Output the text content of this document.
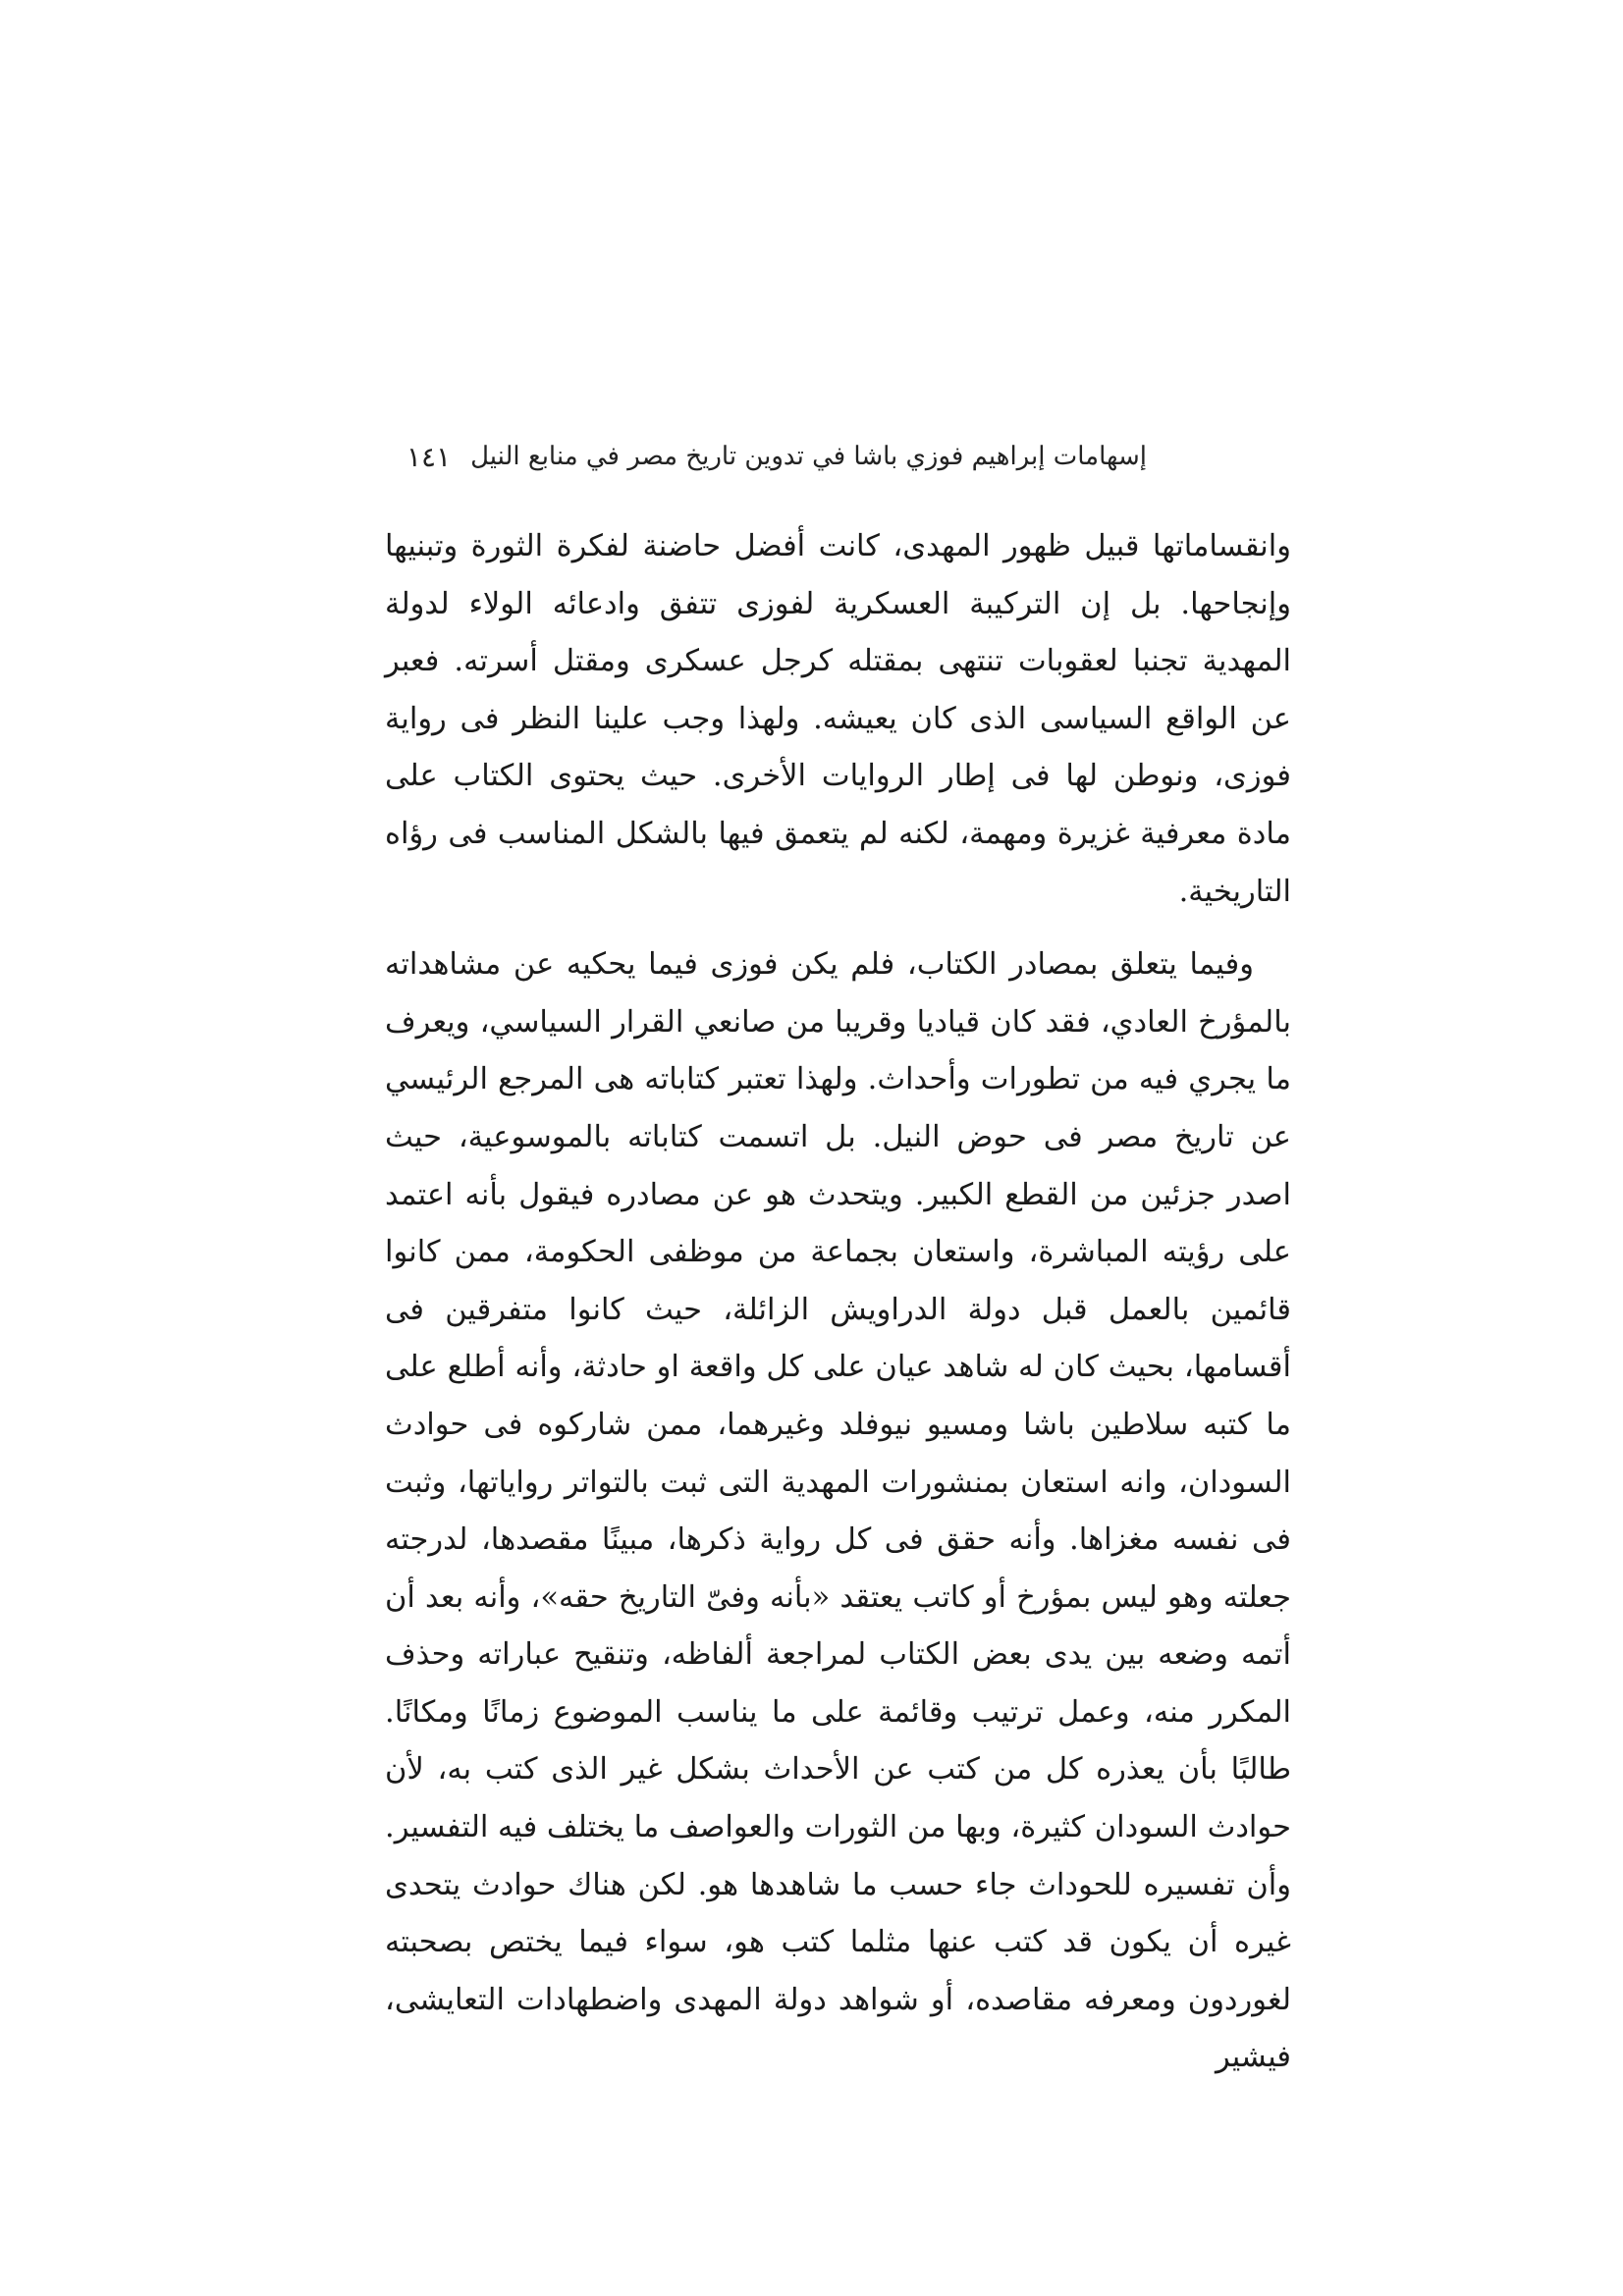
إسهامات إبراهيم فوزي باشا في تدوين تاريخ مصر في منابع النيل
١٤١

وانقساماتها قبيل ظهور المهدى، كانت أفضل حاضنة لفكرة الثورة وتبنيها وإنجاحها. بل إن التركيبة العسكرية لفوزى تتفق وادعائه الولاء لدولة المهدية تجنبا لعقوبات تنتهى بمقتله كرجل عسكرى ومقتل أسرته. فعبر عن الواقع السياسى الذى كان يعيشه. ولهذا وجب علينا النظر فى رواية فوزى، ونوطن لها فى إطار الروايات الأخرى. حيث يحتوى الكتاب على مادة معرفية غزيرة ومهمة، لكنه لم يتعمق فيها بالشكل المناسب فى رؤاه التاريخية.

وفيما يتعلق بمصادر الكتاب، فلم يكن فوزى فيما يحكيه عن مشاهداته بالمؤرخ العادي، فقد كان قياديا وقريبا من صانعي القرار السياسي، ويعرف ما يجري فيه من تطورات وأحداث. ولهذا تعتبر كتاباته هى المرجع الرئيسي عن تاريخ مصر فى حوض النيل. بل اتسمت كتاباته بالموسوعية، حيث اصدر جزئين من القطع الكبير. ويتحدث هو عن مصادره فيقول بأنه اعتمد على رؤيته المباشرة، واستعان بجماعة من موظفى الحكومة، ممن كانوا قائمين بالعمل قبل دولة الدراويش الزائلة، حيث كانوا متفرقين فى أقسامها، بحيث كان له شاهد عيان على كل واقعة او حادثة، وأنه أطلع على ما كتبه سلاطين باشا ومسيو نيوفلد وغيرهما، ممن شاركوه فى حوادث السودان، وانه استعان بمنشورات المهدية التى ثبت بالتواتر رواياتها، وثبت فى نفسه مغزاها. وأنه حقق فى كل رواية ذكرها، مبينًا مقصدها، لدرجته جعلته وهو ليس بمؤرخ أو كاتب يعتقد «بأنه وفىّ التاريخ حقه»، وأنه بعد أن أتمه وضعه بين يدى بعض الكتاب لمراجعة ألفاظه، وتنقيح عباراته وحذف المكرر منه، وعمل ترتيب وقائمة على ما يناسب الموضوع زمانًا ومكانًا. طالبًا بأن يعذره كل من كتب عن الأحداث بشكل غير الذى كتب به، لأن حوادث السودان كثيرة، وبها من الثورات والعواصف ما يختلف فيه التفسير. وأن تفسيره للحوداث جاء حسب ما شاهدها هو. لكن هناك حوادث يتحدى غيره أن يكون قد كتب عنها مثلما كتب هو، سواء فيما يختص بصحبته لغوردون ومعرفه مقاصده، أو شواهد دولة المهدى واضطهادات التعايشى، فيشير
